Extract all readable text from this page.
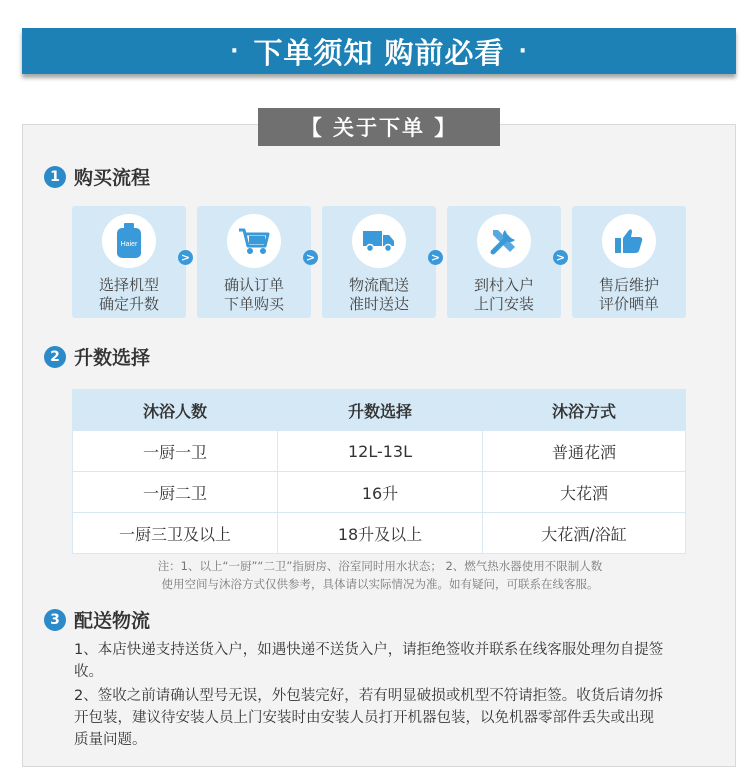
· 下单须知 购前必看 ·
【 关于下单 】
1 购买流程
Haier
选择机型
确定升数
>
确认订单
下单购买
>
物流配送
准时送达
>
到村入户
上门安装
>
售后维护
评价晒单
2 升数选择
沐浴人数	升数选择	沐浴方式
一厨一卫	12L-13L	普通花洒
一厨二卫	16升	大花洒
一厨三卫及以上	18升及以上	大花洒/浴缸
注：1、以上“一厨”“二卫”指厨房、浴室同时用水状态； 2、燃气热水器使用不限制人数
使用空间与沐浴方式仅供参考，具体请以实际情况为准。如有疑问，可联系在线客服。
3 配送物流
1、本店快递支持送货入户，如遇快递不送货入户，请拒绝签收并联系在线客服处理勿自提签收。
2、签收之前请确认型号无误，外包装完好，若有明显破损或机型不符请拒签。收货后请勿拆开包装，建议待安装人员上门安装时由安装人员打开机器包装，以免机器零部件丢失或出现质量问题。
